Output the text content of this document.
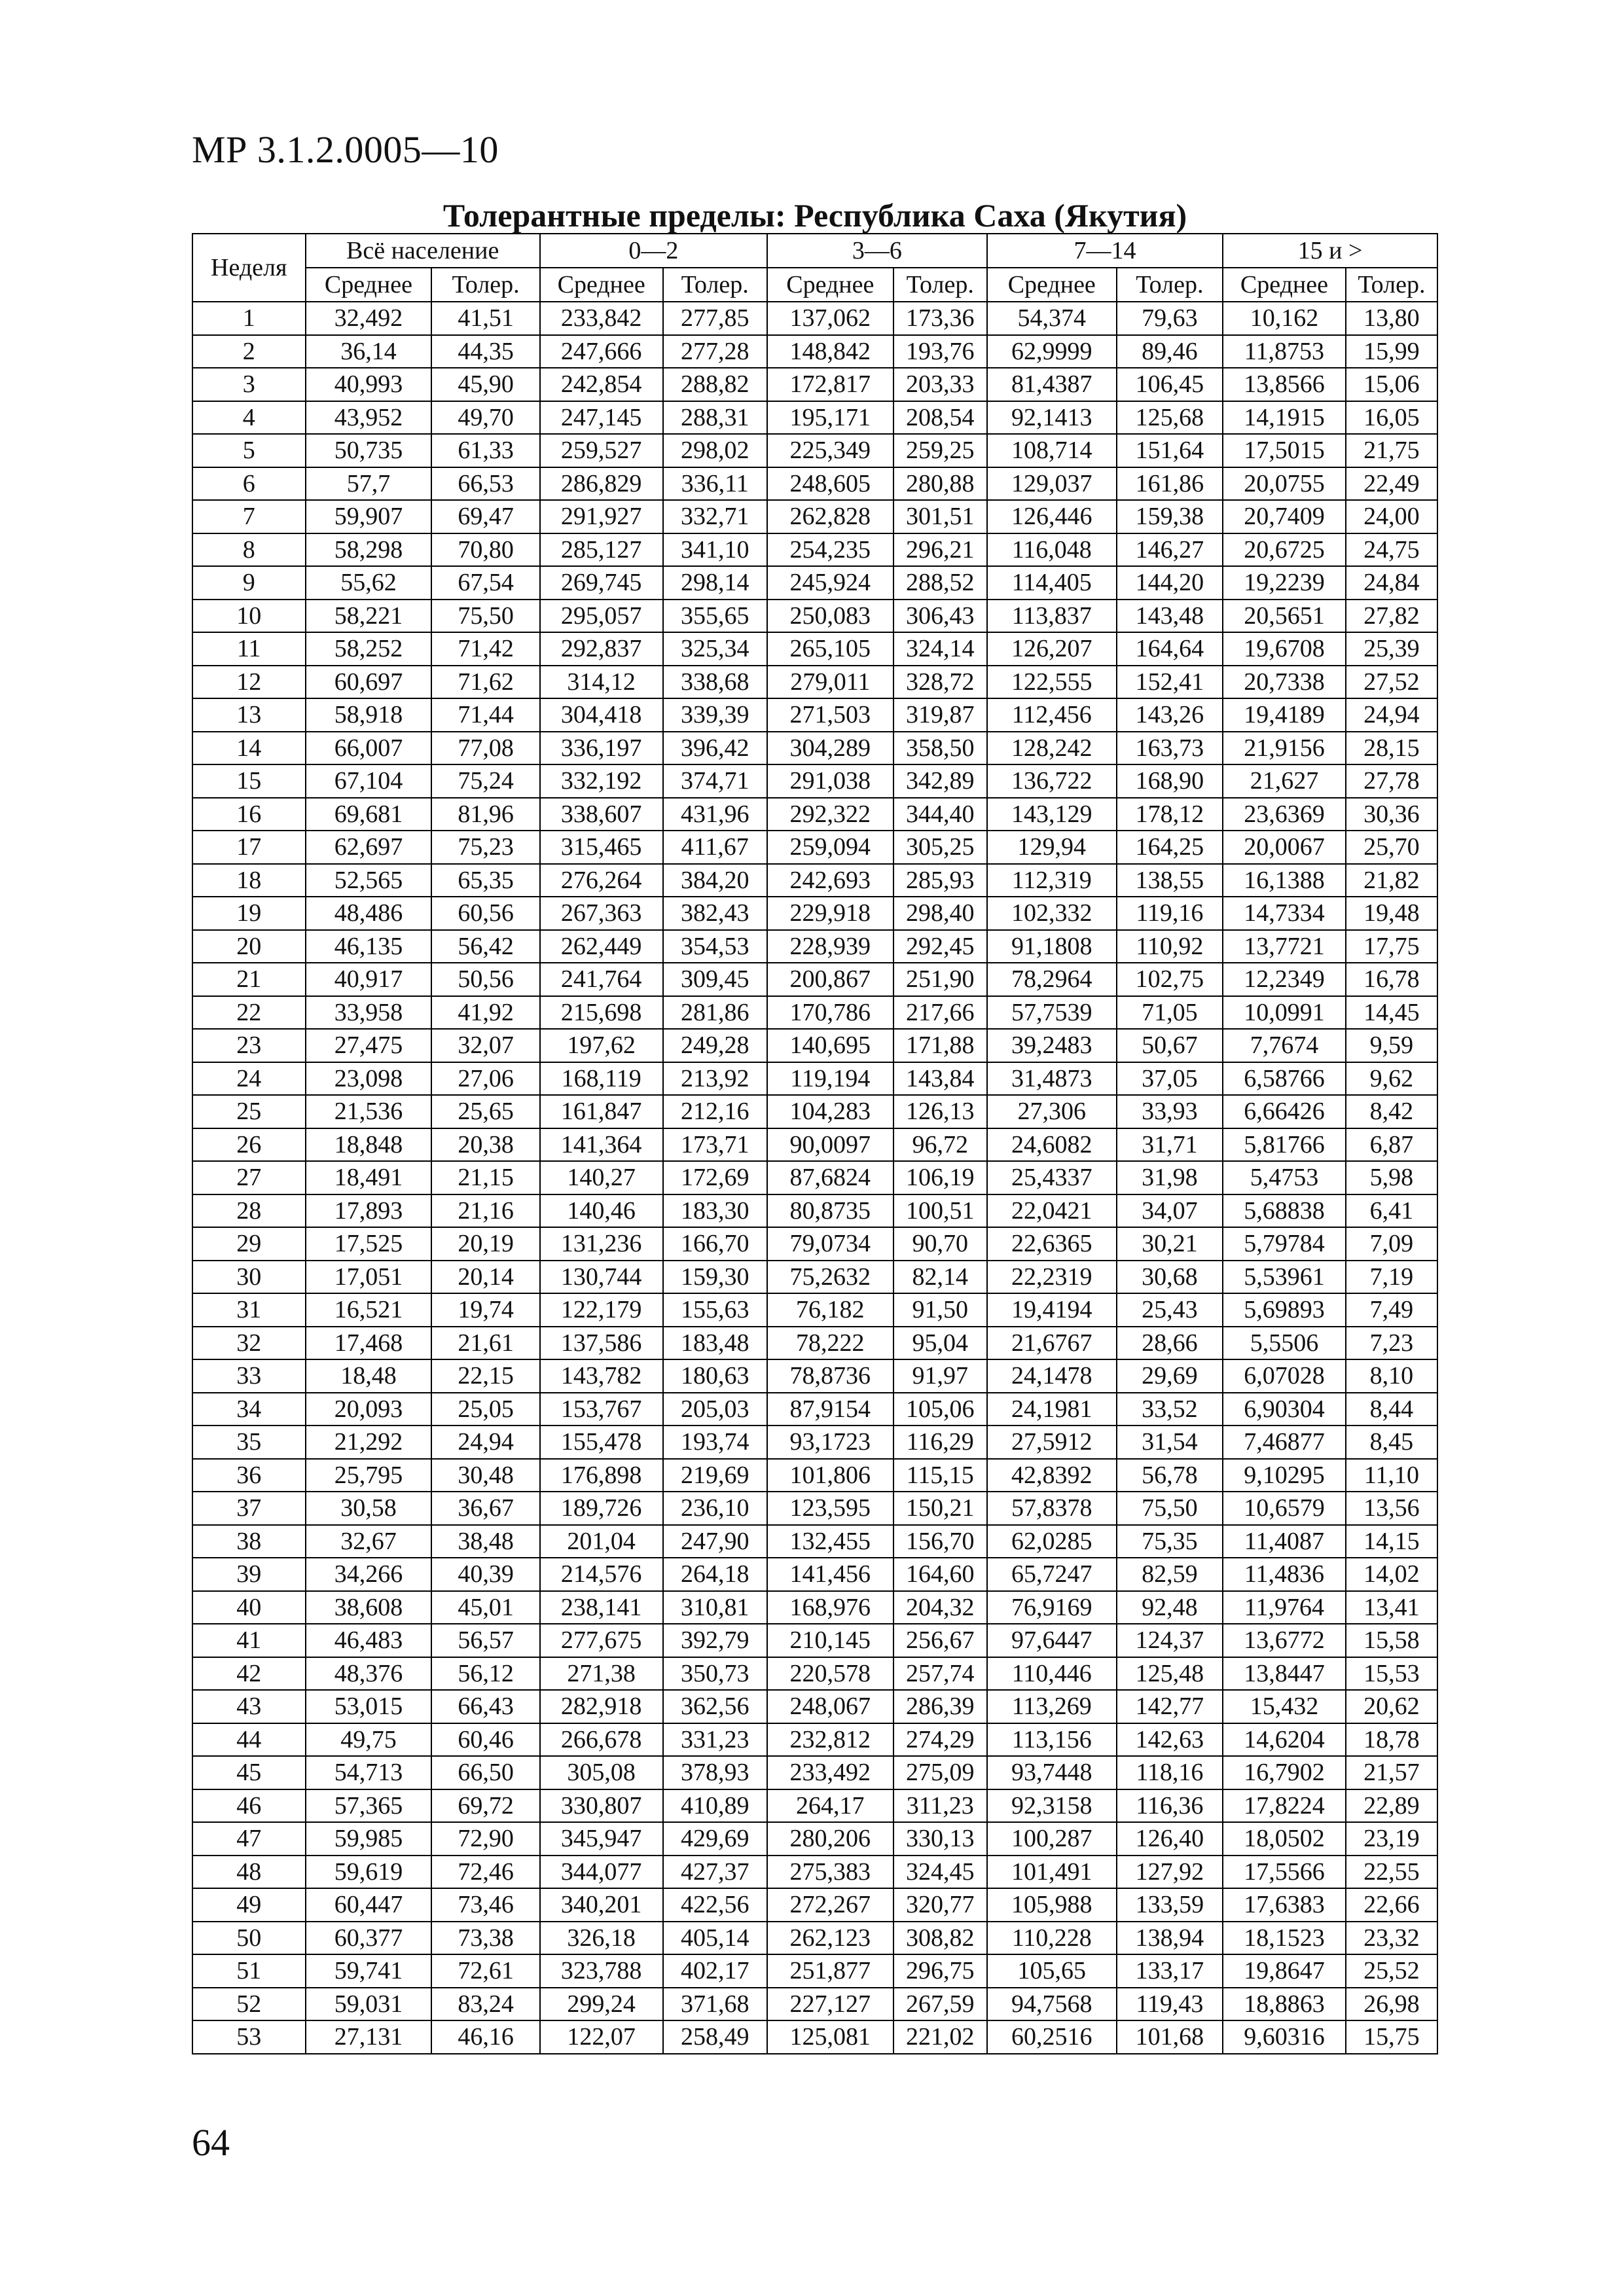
МР 3.1.2.0005—10
Толерантные пределы: Республика Саха (Якутия)
Неделя	Всё население		0—2		3—6		7—14		15 и >	
	Среднее	Толер.	Среднее	Толер.	Среднее	Толер.	Среднее	Толер.	Среднее	Толер.
1	32,492	41,51	233,842	277,85	137,062	173,36	54,374	79,63	10,162	13,80
2	36,14	44,35	247,666	277,28	148,842	193,76	62,9999	89,46	11,8753	15,99
3	40,993	45,90	242,854	288,82	172,817	203,33	81,4387	106,45	13,8566	15,06
4	43,952	49,70	247,145	288,31	195,171	208,54	92,1413	125,68	14,1915	16,05
5	50,735	61,33	259,527	298,02	225,349	259,25	108,714	151,64	17,5015	21,75
6	57,7	66,53	286,829	336,11	248,605	280,88	129,037	161,86	20,0755	22,49
7	59,907	69,47	291,927	332,71	262,828	301,51	126,446	159,38	20,7409	24,00
8	58,298	70,80	285,127	341,10	254,235	296,21	116,048	146,27	20,6725	24,75
9	55,62	67,54	269,745	298,14	245,924	288,52	114,405	144,20	19,2239	24,84
10	58,221	75,50	295,057	355,65	250,083	306,43	113,837	143,48	20,5651	27,82
11	58,252	71,42	292,837	325,34	265,105	324,14	126,207	164,64	19,6708	25,39
12	60,697	71,62	314,12	338,68	279,011	328,72	122,555	152,41	20,7338	27,52
13	58,918	71,44	304,418	339,39	271,503	319,87	112,456	143,26	19,4189	24,94
14	66,007	77,08	336,197	396,42	304,289	358,50	128,242	163,73	21,9156	28,15
15	67,104	75,24	332,192	374,71	291,038	342,89	136,722	168,90	21,627	27,78
16	69,681	81,96	338,607	431,96	292,322	344,40	143,129	178,12	23,6369	30,36
17	62,697	75,23	315,465	411,67	259,094	305,25	129,94	164,25	20,0067	25,70
18	52,565	65,35	276,264	384,20	242,693	285,93	112,319	138,55	16,1388	21,82
19	48,486	60,56	267,363	382,43	229,918	298,40	102,332	119,16	14,7334	19,48
20	46,135	56,42	262,449	354,53	228,939	292,45	91,1808	110,92	13,7721	17,75
21	40,917	50,56	241,764	309,45	200,867	251,90	78,2964	102,75	12,2349	16,78
22	33,958	41,92	215,698	281,86	170,786	217,66	57,7539	71,05	10,0991	14,45
23	27,475	32,07	197,62	249,28	140,695	171,88	39,2483	50,67	7,7674	9,59
24	23,098	27,06	168,119	213,92	119,194	143,84	31,4873	37,05	6,58766	9,62
25	21,536	25,65	161,847	212,16	104,283	126,13	27,306	33,93	6,66426	8,42
26	18,848	20,38	141,364	173,71	90,0097	96,72	24,6082	31,71	5,81766	6,87
27	18,491	21,15	140,27	172,69	87,6824	106,19	25,4337	31,98	5,4753	5,98
28	17,893	21,16	140,46	183,30	80,8735	100,51	22,0421	34,07	5,68838	6,41
29	17,525	20,19	131,236	166,70	79,0734	90,70	22,6365	30,21	5,79784	7,09
30	17,051	20,14	130,744	159,30	75,2632	82,14	22,2319	30,68	5,53961	7,19
31	16,521	19,74	122,179	155,63	76,182	91,50	19,4194	25,43	5,69893	7,49
32	17,468	21,61	137,586	183,48	78,222	95,04	21,6767	28,66	5,5506	7,23
33	18,48	22,15	143,782	180,63	78,8736	91,97	24,1478	29,69	6,07028	8,10
34	20,093	25,05	153,767	205,03	87,9154	105,06	24,1981	33,52	6,90304	8,44
35	21,292	24,94	155,478	193,74	93,1723	116,29	27,5912	31,54	7,46877	8,45
36	25,795	30,48	176,898	219,69	101,806	115,15	42,8392	56,78	9,10295	11,10
37	30,58	36,67	189,726	236,10	123,595	150,21	57,8378	75,50	10,6579	13,56
38	32,67	38,48	201,04	247,90	132,455	156,70	62,0285	75,35	11,4087	14,15
39	34,266	40,39	214,576	264,18	141,456	164,60	65,7247	82,59	11,4836	14,02
40	38,608	45,01	238,141	310,81	168,976	204,32	76,9169	92,48	11,9764	13,41
41	46,483	56,57	277,675	392,79	210,145	256,67	97,6447	124,37	13,6772	15,58
42	48,376	56,12	271,38	350,73	220,578	257,74	110,446	125,48	13,8447	15,53
43	53,015	66,43	282,918	362,56	248,067	286,39	113,269	142,77	15,432	20,62
44	49,75	60,46	266,678	331,23	232,812	274,29	113,156	142,63	14,6204	18,78
45	54,713	66,50	305,08	378,93	233,492	275,09	93,7448	118,16	16,7902	21,57
46	57,365	69,72	330,807	410,89	264,17	311,23	92,3158	116,36	17,8224	22,89
47	59,985	72,90	345,947	429,69	280,206	330,13	100,287	126,40	18,0502	23,19
48	59,619	72,46	344,077	427,37	275,383	324,45	101,491	127,92	17,5566	22,55
49	60,447	73,46	340,201	422,56	272,267	320,77	105,988	133,59	17,6383	22,66
50	60,377	73,38	326,18	405,14	262,123	308,82	110,228	138,94	18,1523	23,32
51	59,741	72,61	323,788	402,17	251,877	296,75	105,65	133,17	19,8647	25,52
52	59,031	83,24	299,24	371,68	227,127	267,59	94,7568	119,43	18,8863	26,98
53	27,131	46,16	122,07	258,49	125,081	221,02	60,2516	101,68	9,60316	15,75
64
